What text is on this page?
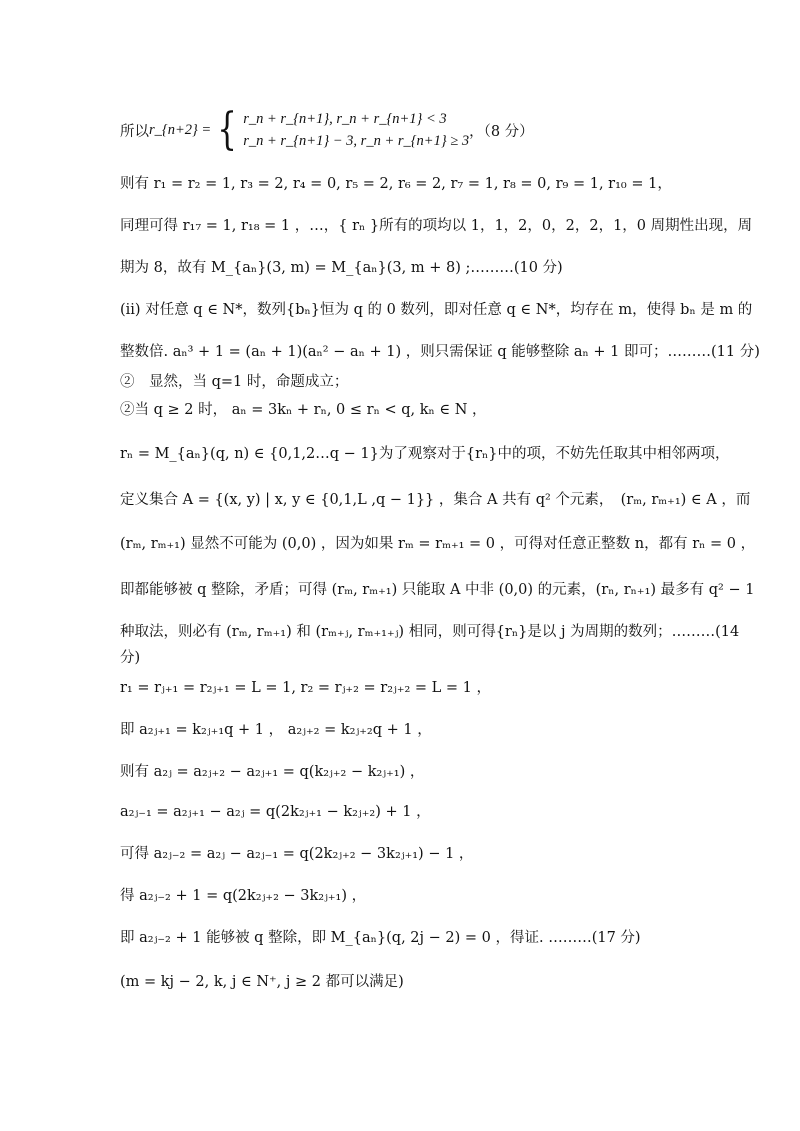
所以 r_{n+2} = { r_n + r_{n+1}, r_n + r_{n+1} < 3
r_n + r_{n+1} − 3, r_n + r_{n+1} ≥ 3
，（8 分）
则有 r₁ = r₂ = 1, r₃ = 2, r₄ = 0, r₅ = 2, r₆ = 2, r₇ = 1, r₈ = 0, r₉ = 1, r₁₀ = 1，
同理可得 r₁₇ = 1, r₁₈ = 1 ，…，{ rₙ }所有的项均以 1，1，2，0，2，2，1，0 周期性出现，周
期为 8，故有 M_{aₙ}(3, m) = M_{aₙ}(3, m + 8) ;………(10 分)
(ii) 对任意 q ∈ N*，数列{bₙ}恒为 q 的 0 数列，即对任意 q ∈ N*，均存在 m，使得 bₙ 是 m 的
整数倍. aₙ³ + 1 = (aₙ + 1)(aₙ² − aₙ + 1) ，则只需保证 q 能够整除 aₙ + 1 即可；………(11 分)
②　显然，当 q=1 时，命题成立；
②当 q ≥ 2 时， aₙ = 3kₙ + rₙ, 0 ≤ rₙ < q, kₙ ∈ N ，
rₙ = M_{aₙ}(q, n) ∈ {0,1,2…q − 1}为了观察对于{rₙ}中的项，不妨先任取其中相邻两项，
定义集合 A = {(x, y) | x, y ∈ {0,1,L ,q − 1}} ，集合 A 共有 q² 个元素，　(rₘ, rₘ₊₁) ∈ A ，而
(rₘ, rₘ₊₁) 显然不可能为 (0,0) ，因为如果 rₘ = rₘ₊₁ = 0 ，可得对任意正整数 n，都有 rₙ = 0 ，
即都能够被 q 整除，矛盾；可得 (rₘ, rₘ₊₁) 只能取 A 中非 (0,0) 的元素，(rₙ, rₙ₊₁) 最多有 q² − 1
种取法，则必有 (rₘ, rₘ₊₁) 和 (rₘ₊ⱼ, rₘ₊₁₊ⱼ) 相同，则可得{rₙ}是以 j 为周期的数列；………(14
分)
r₁ = rⱼ₊₁ = r₂ⱼ₊₁ = L = 1, r₂ = rⱼ₊₂ = r₂ⱼ₊₂ = L = 1 ，
即 a₂ⱼ₊₁ = k₂ⱼ₊₁q + 1 ， a₂ⱼ₊₂ = k₂ⱼ₊₂q + 1 ，
则有 a₂ⱼ = a₂ⱼ₊₂ − a₂ⱼ₊₁ = q(k₂ⱼ₊₂ − k₂ⱼ₊₁) ，
a₂ⱼ₋₁ = a₂ⱼ₊₁ − a₂ⱼ = q(2k₂ⱼ₊₁ − k₂ⱼ₊₂) + 1 ，
可得 a₂ⱼ₋₂ = a₂ⱼ − a₂ⱼ₋₁ = q(2k₂ⱼ₊₂ − 3k₂ⱼ₊₁) − 1 ，
得 a₂ⱼ₋₂ + 1 = q(2k₂ⱼ₊₂ − 3k₂ⱼ₊₁) ，
即 a₂ⱼ₋₂ + 1 能够被 q 整除，即 M_{aₙ}(q, 2j − 2) = 0 ，得证. ………(17 分)
(m = kj − 2, k, j ∈ N⁺, j ≥ 2 都可以满足)
